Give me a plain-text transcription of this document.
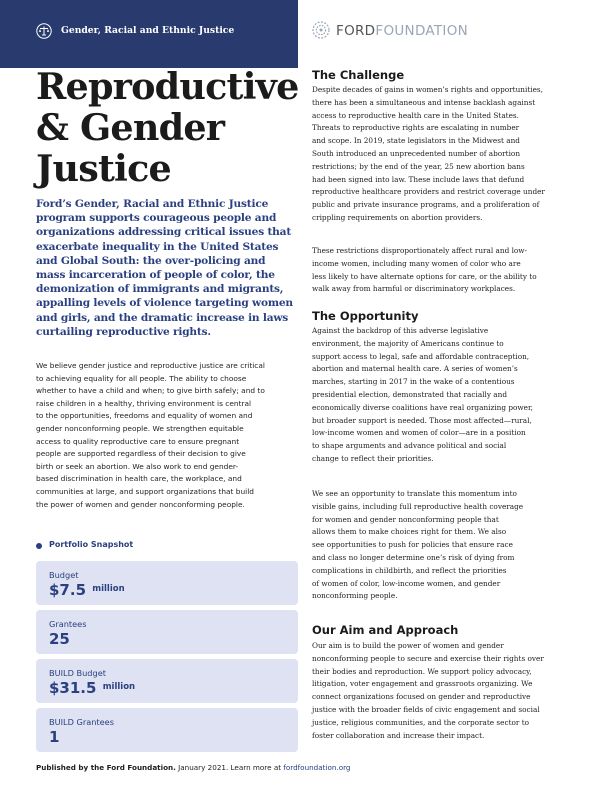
Gender, Racial and Ethnic Justice	FORDFOUNDATION
Reproductive
& Gender
Justice

Ford’s Gender, Racial and Ethnic Justice
program supports courageous people and
organizations addressing critical issues that
exacerbate inequality in the United States
and Global South: the over-policing and
mass incarceration of people of color, the
demonization of immigrants and migrants,
appalling levels of violence targeting women
and girls, and the dramatic increase in laws
curtailing reproductive rights.

We believe gender justice and reproductive justice are critical
to achieving equality for all people. The ability to choose
whether to have a child and when; to give birth safely; and to
raise children in a healthy, thriving environment is central
to the opportunities, freedoms and equality of women and
gender nonconforming people. We strengthen equitable
access to quality reproductive care to ensure pregnant
people are supported regardless of their decision to give
birth or seek an abortion. We also work to end gender-
based discrimination in health care, the workplace, and
communities at large, and support organizations that build
the power of women and gender nonconforming people.

Portfolio Snapshot
Budget
$7.5 $^{million}$
Grantees
25
BUILD Budget
$31.5 $^{million}$
BUILD Grantees
1
The Challenge

Despite decades of gains in women’s rights and opportunities,
there has been a simultaneous and intense backlash against
access to reproductive health care in the United States.
Threats to reproductive rights are escalating in number
and scope. In 2019, state legislators in the Midwest and
South introduced an unprecedented number of abortion
restrictions; by the end of the year, 25 new abortion bans
had been signed into law. These include laws that defund
reproductive healthcare providers and restrict coverage under
public and private insurance programs, and a proliferation of
crippling requirements on abortion providers.

These restrictions disproportionately affect rural and low-
income women, including many women of color who are
less likely to have alternate options for care, or the ability to
walk away from harmful or discriminatory workplaces.

The Opportunity

Against the backdrop of this adverse legislative
environment, the majority of Americans continue to
support access to legal, safe and affordable contraception,
abortion and maternal health care. A series of women’s
marches, starting in 2017 in the wake of a contentious
presidential election, demonstrated that racially and
economically diverse coalitions have real organizing power,
but broader support is needed. Those most affected—rural,
low-income women and women of color—are in a position
to shape arguments and advance political and social
change to reflect their priorities.

We see an opportunity to translate this momentum into
visible gains, including full reproductive health coverage
for women and gender nonconforming people that
allows them to make choices right for them. We also
see opportunities to push for policies that ensure race
and class no longer determine one’s risk of dying from
complications in childbirth, and reflect the priorities
of women of color, low-income women, and gender
nonconforming people.

Our Aim and Approach

Our aim is to build the power of women and gender
nonconforming people to secure and exercise their rights over
their bodies and reproduction. We support policy advocacy,
litigation, voter engagement and grassroots organizing. We
connect organizations focused on gender and reproductive
justice with the broader fields of civic engagement and social
justice, religious communities, and the corporate sector to
foster collaboration and increase their impact.

Published by the Ford Foundation. January 2021. Learn more at fordfoundation.org
